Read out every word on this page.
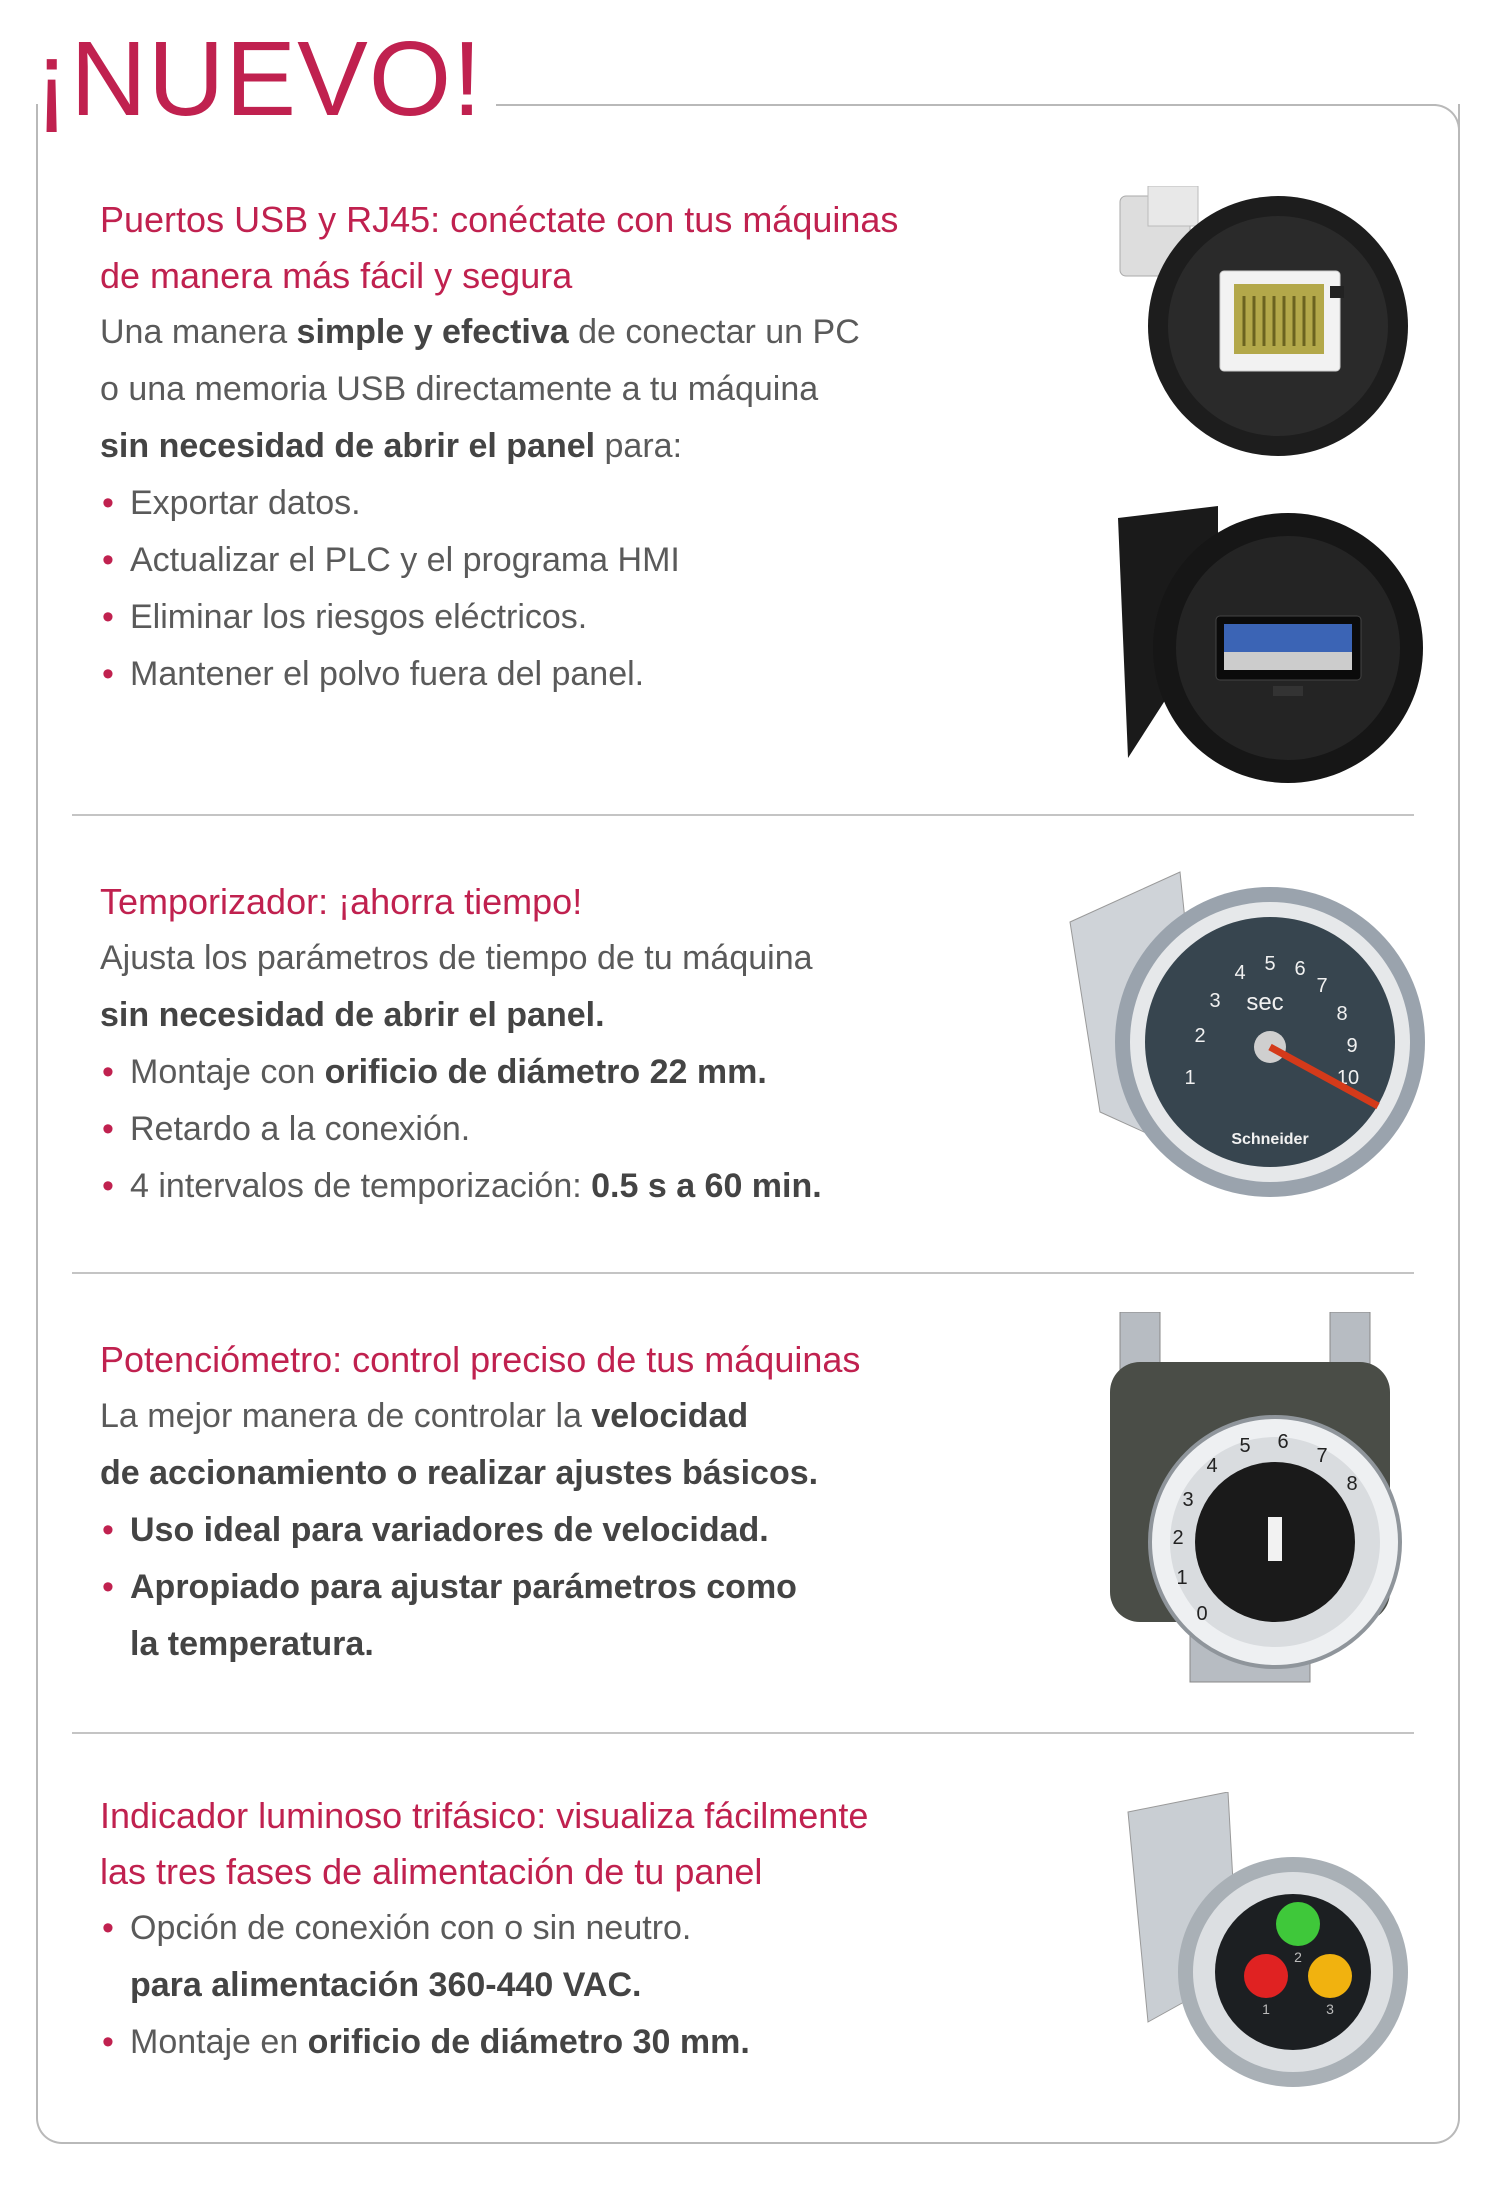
¡NUEVO!

Puertos USB y RJ45: conéctate con tus máquinas
de manera más fácil y segura

Una manera simple y efectiva de conectar un PC

o una memoria USB directamente a tu máquina

sin necesidad de abrir el panel para:

• Exportar datos.
• Actualizar el PLC y el programa HMI
• Eliminar los riesgos eléctricos.
• Mantener el polvo fuera del panel.

Temporizador: ¡ahorra tiempo!

Ajusta los parámetros de tiempo de tu máquina

sin necesidad de abrir el panel.

• Montaje con orificio de diámetro 22 mm.
• Retardo a la conexión.
• 4 intervalos de temporización: 0.5 s a 60 min.
1
2
3
4 5 6
7
8
9
10
sec
Schneider

Potenciómetro: control preciso de tus máquinas

La mejor manera de controlar la velocidad

de accionamiento o realizar ajustes básicos.

• Uso ideal para variadores de velocidad.
• Apropiado para ajustar parámetros como
la temperatura.
0
1
2
3
4
5 6
7
8

Indicador luminoso trifásico: visualiza fácilmente
las tres fases de alimentación de tu panel

• Opción de conexión con o sin neutro.
para alimentación 360-440 VAC.
• Montaje en orificio de diámetro 30 mm.
1
2
3
